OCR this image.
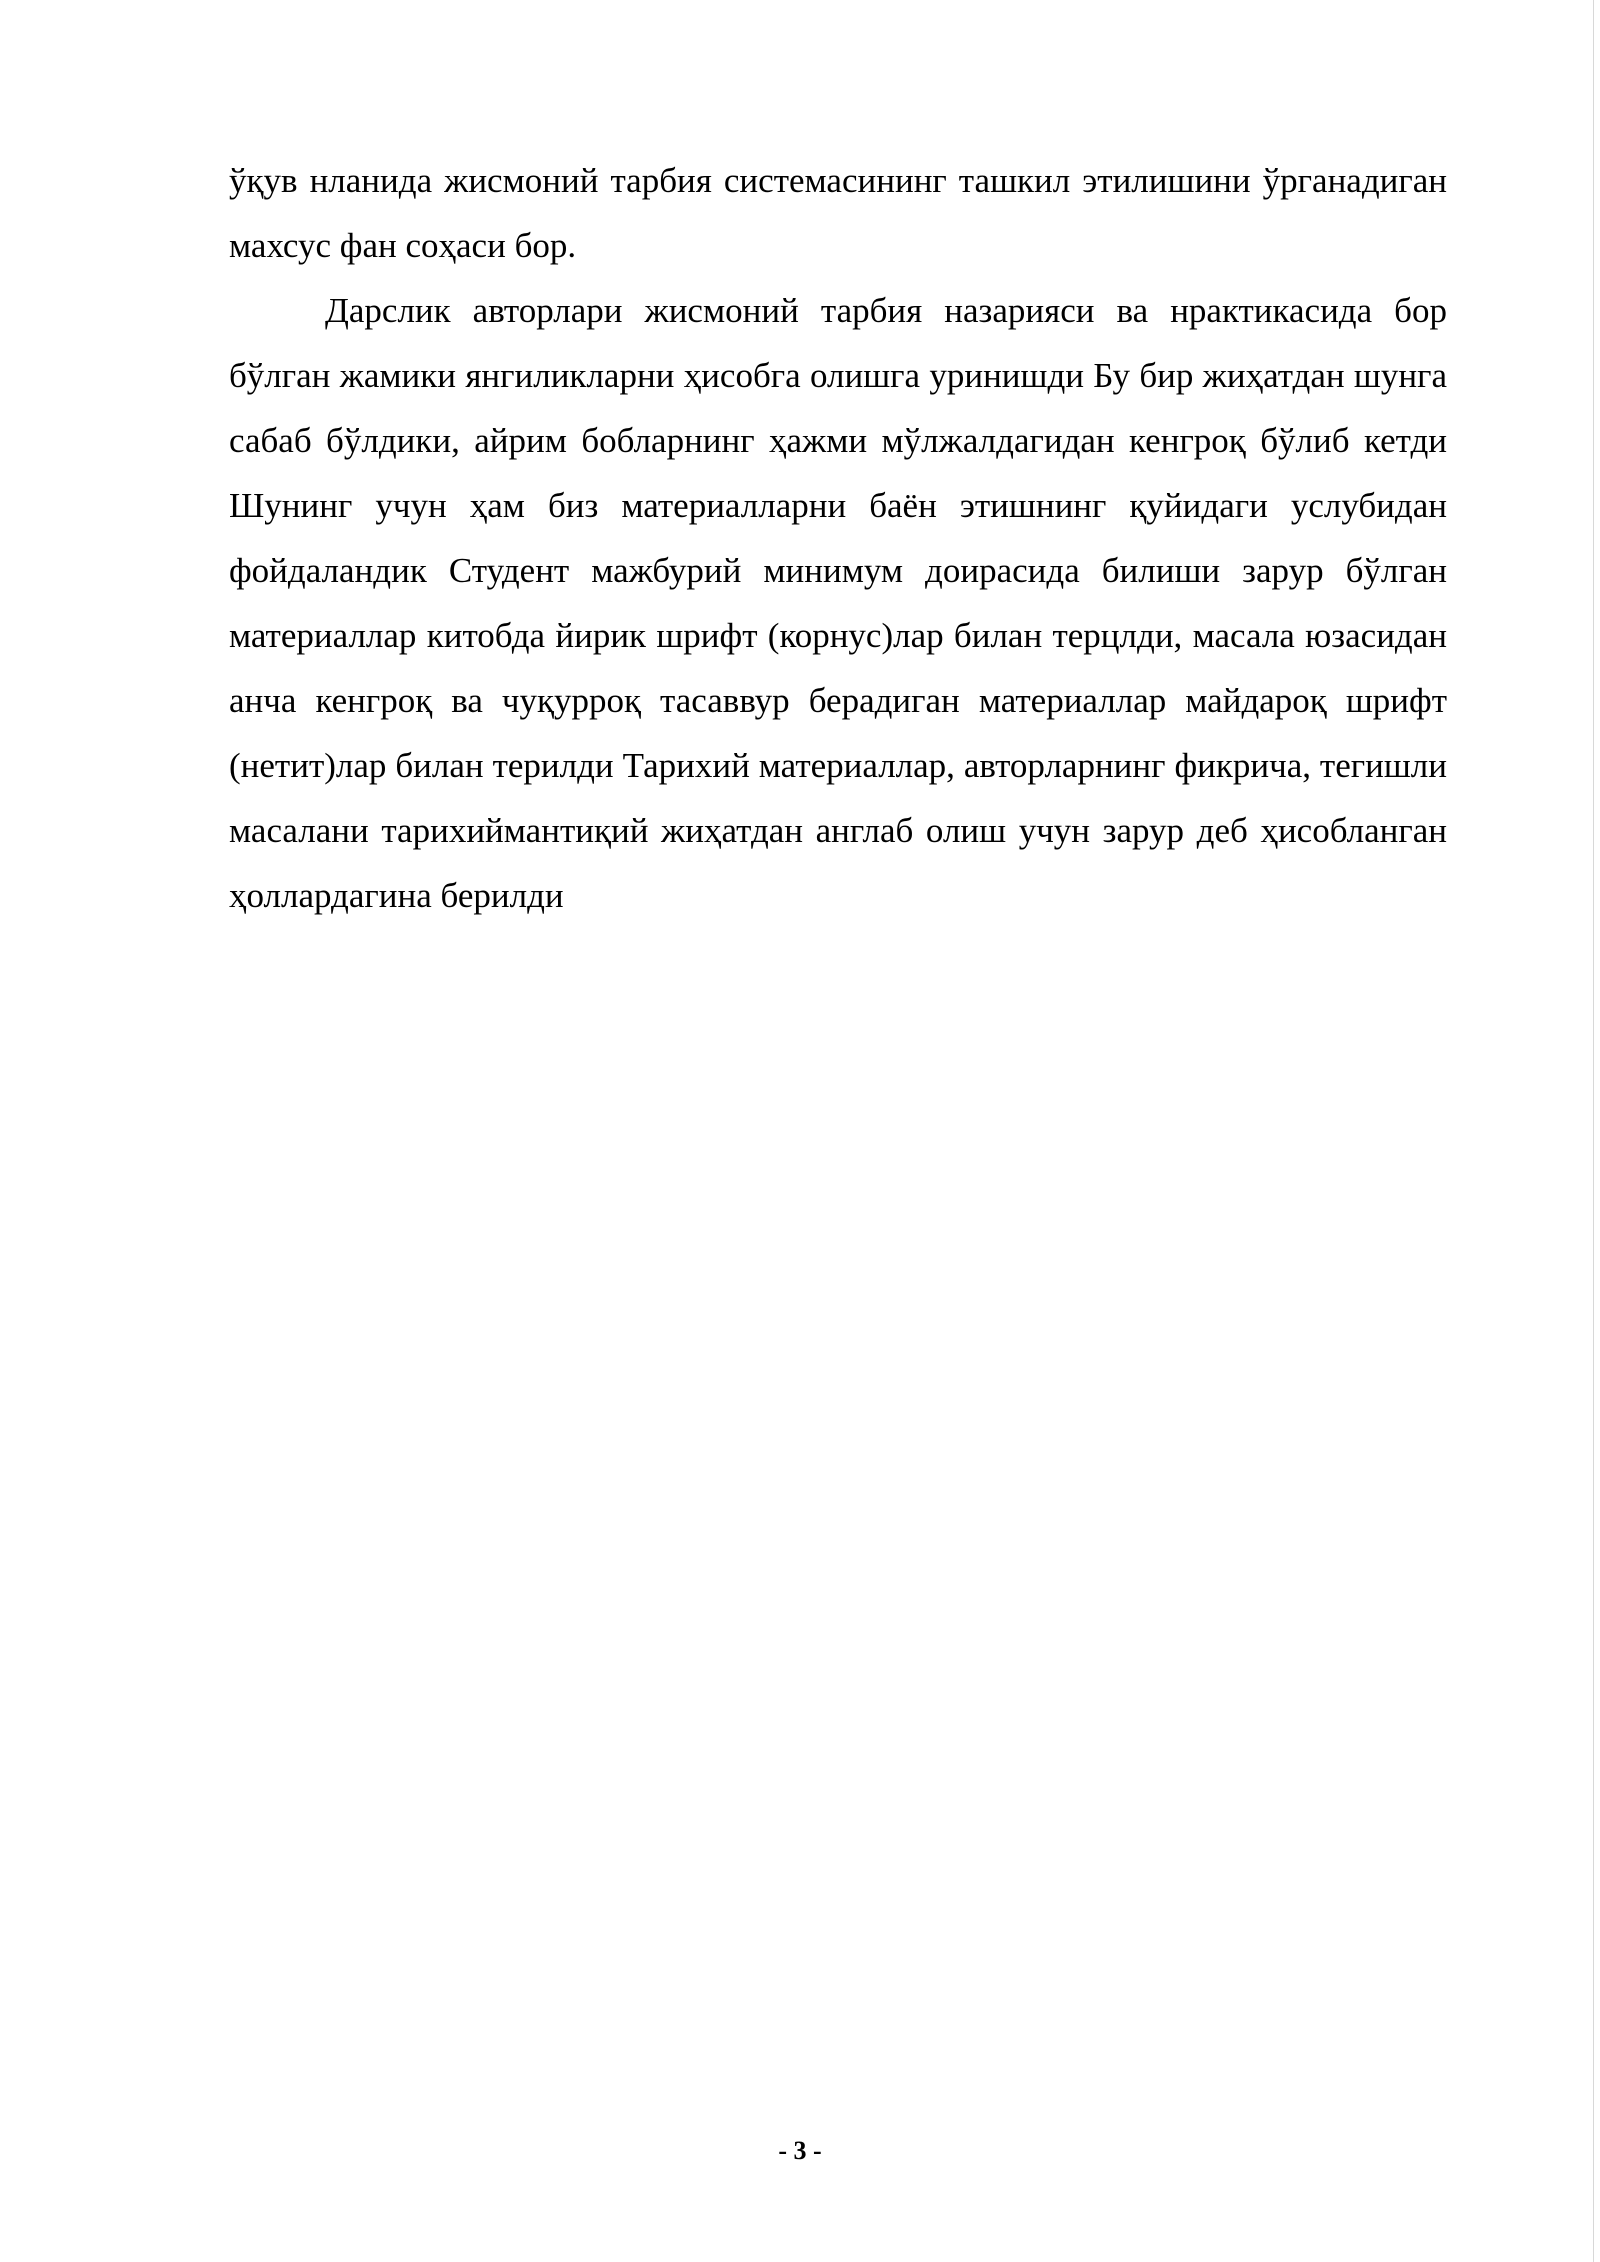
ўқув нланида жисмоний тарбия системасининг ташкил этилишини ўрганадиган махсус фан соҳаси бор.

Дарслик авторлари жисмоний тарбия назарияси ва нрактикасида бор бўлган жамики янгиликларни ҳисобга олишга уринишди Бу бир жиҳатдан шунга сабаб бўлдики, айрим бобларнинг ҳажми мўлжалдагидан кенгроқ бўлиб кетди Шунинг учун ҳам биз материалларни баён этишнинг қуйидаги услубидан фойдаландик Студент мажбурий минимум доирасида билиши зарур бўлган материаллар китобда йирик шрифт (корнус)лар билан терцлди, масала юзасидан анча кенгроқ ва чуқурроқ тасаввур берадиган материаллар майдароқ шрифт (нетит)лар билан терилди Тарихий материаллар, авторларнинг фикрича, тегишли масалани тарихиймантиқий жиҳатдан англаб олиш учун зарур деб ҳисобланган ҳоллардагина берилди

- 3 -
